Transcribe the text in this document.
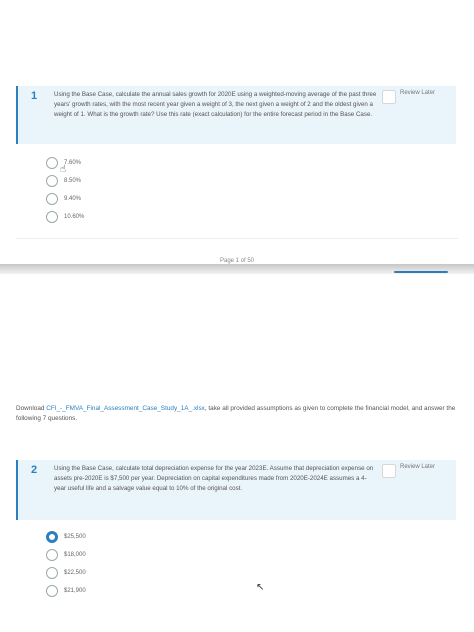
1	Using the Base Case, calculate the annual sales growth for 2020E using a weighted-moving average of the past three years' growth rates, with the most recent year given a weight of 3, the next given a weight of 2 and the oldest given a weight of 1. What is the growth rate? Use this rate (exact calculation) for the entire forecast period in the Base Case.
Review Later
7.60%
8.50%
9.40%
10.60%
☝
Page 1 of 50
Download CFI_-_FMVA_Final_Assessment_Case_Study_1A_.xlsx, take all provided assumptions as given to complete the financial model, and answer the following 7 questions.
2	Using the Base Case, calculate total depreciation expense for the year 2023E. Assume that depreciation expense on assets pre-2020E is $7,500 per year. Depreciation on capital expenditures made from 2020E-2024E assumes a 4-year useful life and a salvage value equal to 10% of the original cost.
Review Later
$25,500
$18,000
$22,500
$21,900	↖
